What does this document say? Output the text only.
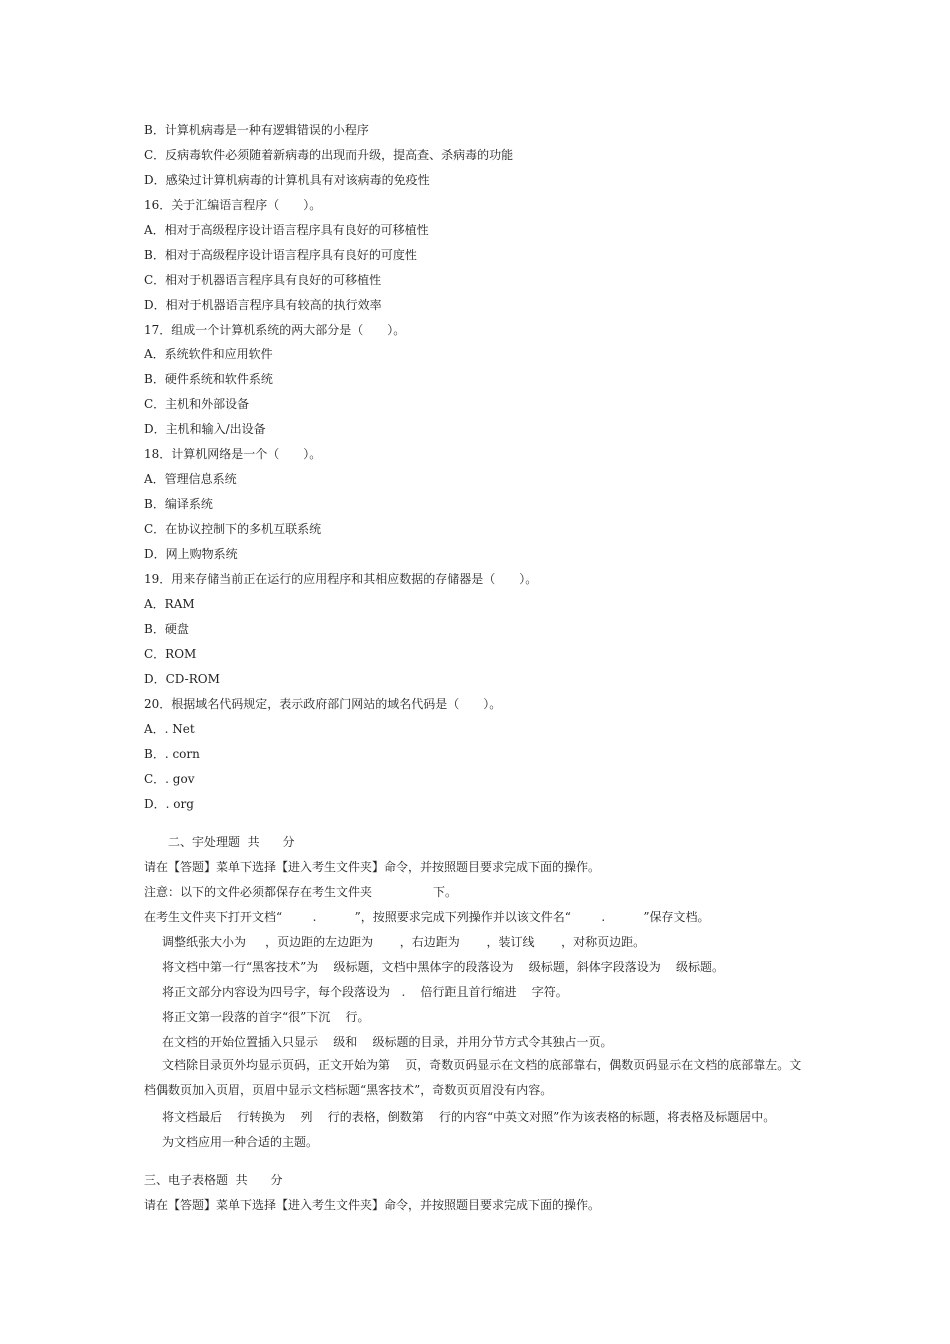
B．计算机病毒是一种有逻辑错误的小程序
C．反病毒软件必须随着新病毒的出现而升级，提高查、杀病毒的功能
D．感染过计算机病毒的计算机具有对该病毒的免疫性
16．关于汇编语言程序（　　）。
A．相对于高级程序设计语言程序具有良好的可移植性
B．相对于高级程序设计语言程序具有良好的可度性
C．相对于机器语言程序具有良好的可移植性
D．相对于机器语言程序具有较高的执行效率
17．组成一个计算机系统的两大部分是（　　）。
A．系统软件和应用软件
B．硬件系统和软件系统
C．主机和外部设备
D．主机和输入/出设备
18．计算机网络是一个（　　）。
A．管理信息系统
B．编译系统
C．在协议控制下的多机互联系统
D．网上购物系统
19．用来存储当前正在运行的应用程序和其相应数据的存储器是（　　）。
A．RAM
B．硬盘
C．ROM
D．CD-ROM
20．根据域名代码规定，表示政府部门网站的域名代码是（　　）。
A．. Net
B．. corn
C．. gov
D．. org
二、宇处理题  共      分
请在【答题】菜单下选择【进入考生文件夹】命令，并按照题目要求完成下面的操作。
注意：以下的文件必须都保存在考生文件夹                下。
在考生文件夹下打开文档“        .          ”，按照要求完成下列操作并以该文件名“        .          ”保存文档。
调整纸张大小为     ，页边距的左边距为       ，右边距为       ，装订线       ，对称页边距。
将文档中第一行“黑客技术”为    级标题，文档中黑体字的段落设为    级标题，斜体字段落设为    级标题。
将正文部分内容设为四号字，每个段落设为   .    倍行距且首行缩进    字符。
将正文第一段落的首字“很”下沉    行。
在文档的开始位置插入只显示    级和    级标题的目录，并用分节方式令其独占一页。
文档除目录页外均显示页码，正文开始为第    页，奇数页码显示在文档的底部靠右，偶数页码显示在文档的底部靠左。文档偶数页加入页眉，页眉中显示文档标题“黑客技术”，奇数页页眉没有内容。
将文档最后    行转换为    列    行的表格，倒数第    行的内容“中英文对照”作为该表格的标题，将表格及标题居中。
为文档应用一种合适的主题。
三、电子表格题  共      分
请在【答题】菜单下选择【进入考生文件夹】命令，并按照题目要求完成下面的操作。
